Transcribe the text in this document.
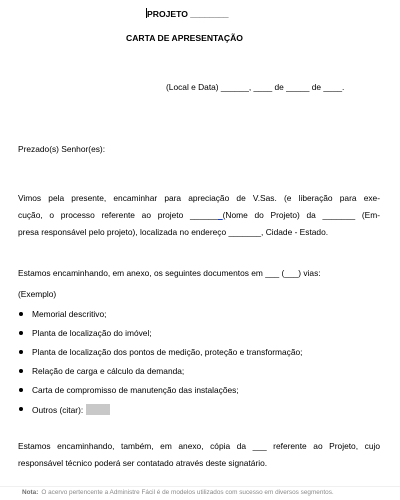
PROJETO ________
CARTA DE APRESENTAÇÃO
(Local e Data) ______, ____ de _____ de ____.
Prezado(s) Senhor(es):
Vimos pela presente, encaminhar para apreciação de V.Sas. (e liberação para exe-
cução, o processo referente ao projeto _______(Nome do Projeto) da _______ (Em-
presa responsável pelo projeto), localizada no endereço _______, Cidade - Estado.
Estamos encaminhando, em anexo, os seguintes documentos em ___ (___) vias:
(Exemplo)
Memorial descritivo;
Planta de localização do imóvel;
Planta de localização dos pontos de medição, proteção e transformação;
Relação de carga e cálculo da demanda;
Carta de compromisso de manutenção das instalações;
Outros (citar):
Estamos encaminhando, também, em anexo, cópia da ___ referente ao Projeto, cujo
responsável técnico poderá ser contatado através deste signatário.
Nota: O acervo pertencente a Administre Fácil é de modelos utilizados com sucesso em diversos segmentos.
